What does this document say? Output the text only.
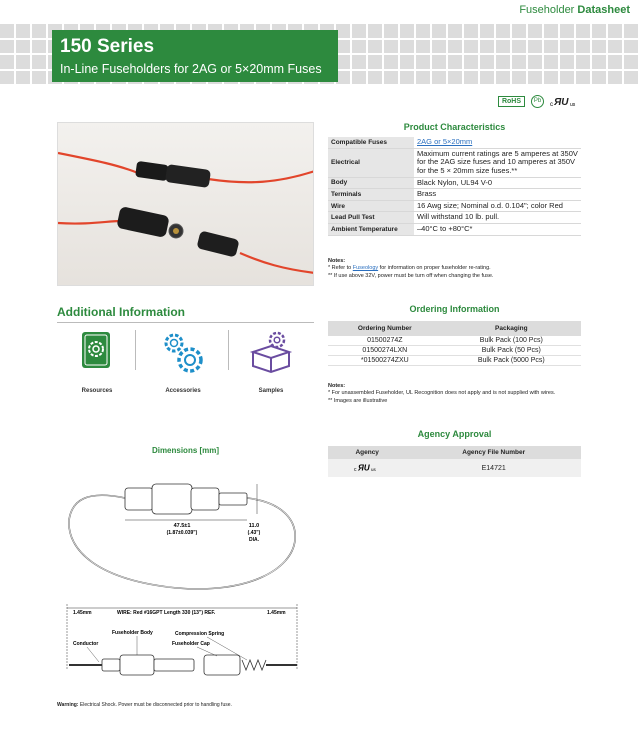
Fuseholder Datasheet
150 Series
In-Line Fuseholders for 2AG or 5×20mm Fuses
RoHS	Pb
c ЯU us
Product Characteristics
Compatible Fuses	2AG or 5×20mm
Electrical	Maximum current ratings are 5 amperes at 350V for the 2AG size fuses and 10 amperes at 350V for the 5 × 20mm size fuses.**
Body	Black Nylon, UL94 V-0
Terminals	Brass
Wire	16 Awg size; Nominal o.d. 0.104"; color Red
Lead Pull Test	Will withstand 10 lb. pull.
Ambient Temperature	–40°C to +80°C*
Notes:
* Refer to Fuseology for information on proper fuseholder re-rating.
** If use above 32V, power must be turn off when changing the fuse.
Additional Information
Resources	Accessories	Samples
Ordering Information
Ordering Number	Packaging
01500274Z	Bulk Pack (100 Pcs)
01500274LXN	Bulk Pack (50 Pcs)
*01500274ZXU	Bulk Pack (5000 Pcs)
Notes:
* For unassembled Fuseholder, UL Recognition does not apply and is not supplied with wires.
** Images are illustrative
Agency Approval
Agency	Agency File Number

c ЯU us	E14721
Dimensions [mm]
47.5±1
(1.87±0.039")
11.0
(.43")
DIA.
1.45mm	WIRE: Red #16GPT Length 330 (13") REF.	1.45mm
Conductor
Fuseholder Body	Compression Spring
Fuseholder Cap
Warning: Electrical Shock. Power must be disconnected prior to handling fuse.
